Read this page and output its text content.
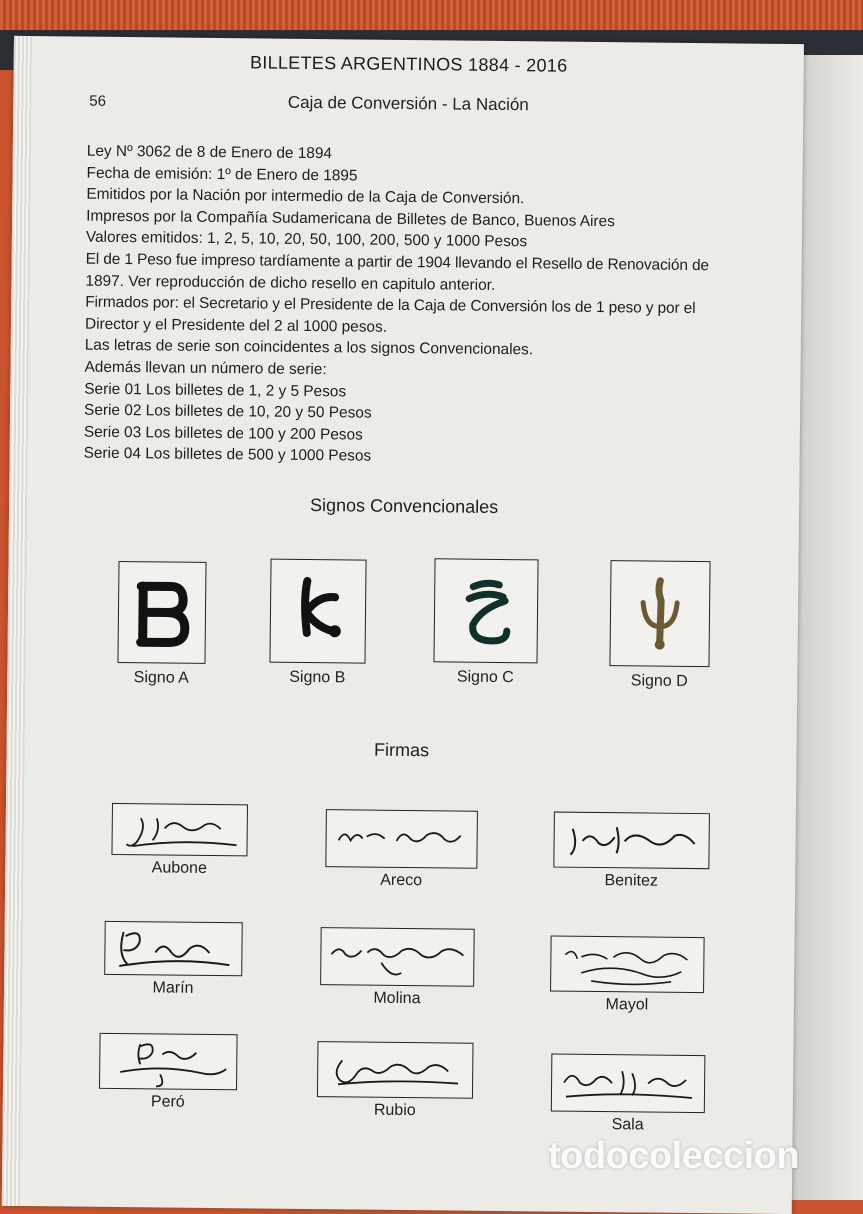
BILLETES ARGENTINOS 1884 - 2016
56	Caja de Conversión - La Nación
Ley Nº 3062 de 8 de Enero de 1894
Fecha de emisión: 1º de Enero de 1895
Emitidos por la Nación por intermedio de la Caja de Conversión.
Impresos por la Compañía Sudamericana de Billetes de Banco, Buenos Aires
Valores emitidos: 1, 2, 5, 10, 20, 50, 100, 200, 500 y 1000 Pesos
El de 1 Peso fue impreso tardíamente a partir de 1904 llevando el Resello de Renovación de
1897. Ver reproducción de dicho resello en capitulo anterior.
Firmados por: el Secretario y el Presidente de la Caja de Conversión los de 1 peso y por el
Director y el Presidente del 2 al 1000 pesos.
Las letras de serie son coincidentes a los signos Convencionales.
Además llevan un número de serie:
Serie 01 Los billetes de 1, 2 y 5 Pesos
Serie 02 Los billetes de 10, 20 y 50 Pesos
Serie 03 Los billetes de 100 y 200 Pesos
Serie 04 Los billetes de 500 y 1000 Pesos
Signos Convencionales
Signo A	Signo B	Signo C	Signo D
Firmas
Aubone
Areco	Benitez
Marín
Molina	Mayol
Peró	Rubio
Sala
todocoleccion
